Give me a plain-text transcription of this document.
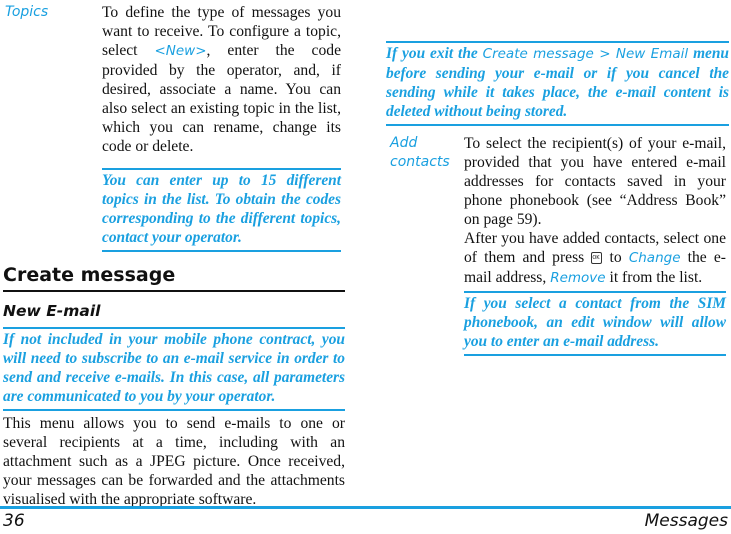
Topics	To define the type of messages you want to receive. To configure a topic, select <New>, enter the code provided by the operator, and, if desired, associate a name. You can also select an existing topic in the list, which you can rename, change its code or delete.
You can enter up to 15 different topics in the list. To obtain the codes corresponding to the different topics, contact your operator.
Create message
New E-mail
If not included in your mobile phone contract, you will need to subscribe to an e-mail service in order to send and receive e-mails. In this case, all parameters are communicated to you by your operator.
This menu allows you to send e-mails to one or several recipients at a time, including with an attachment such as a JPEG picture. Once received, your messages can be forwarded and the attachments visualised with the appropriate software.
If you exit the Create message > New Email menu before sending your e-mail or if you cancel the sending while it takes place, the e-mail content is deleted without being stored.
Add contacts
To select the recipient(s) of your e-mail, provided that you have entered e-mail addresses for contacts saved in your phone phonebook (see “Address Book” on page 59).
After you have added contacts, select one of them and press OK to Change the e-mail address, Remove it from the list.
If you select a contact from the SIM phonebook, an edit window will allow you to enter an e-mail address.
36	Messages
